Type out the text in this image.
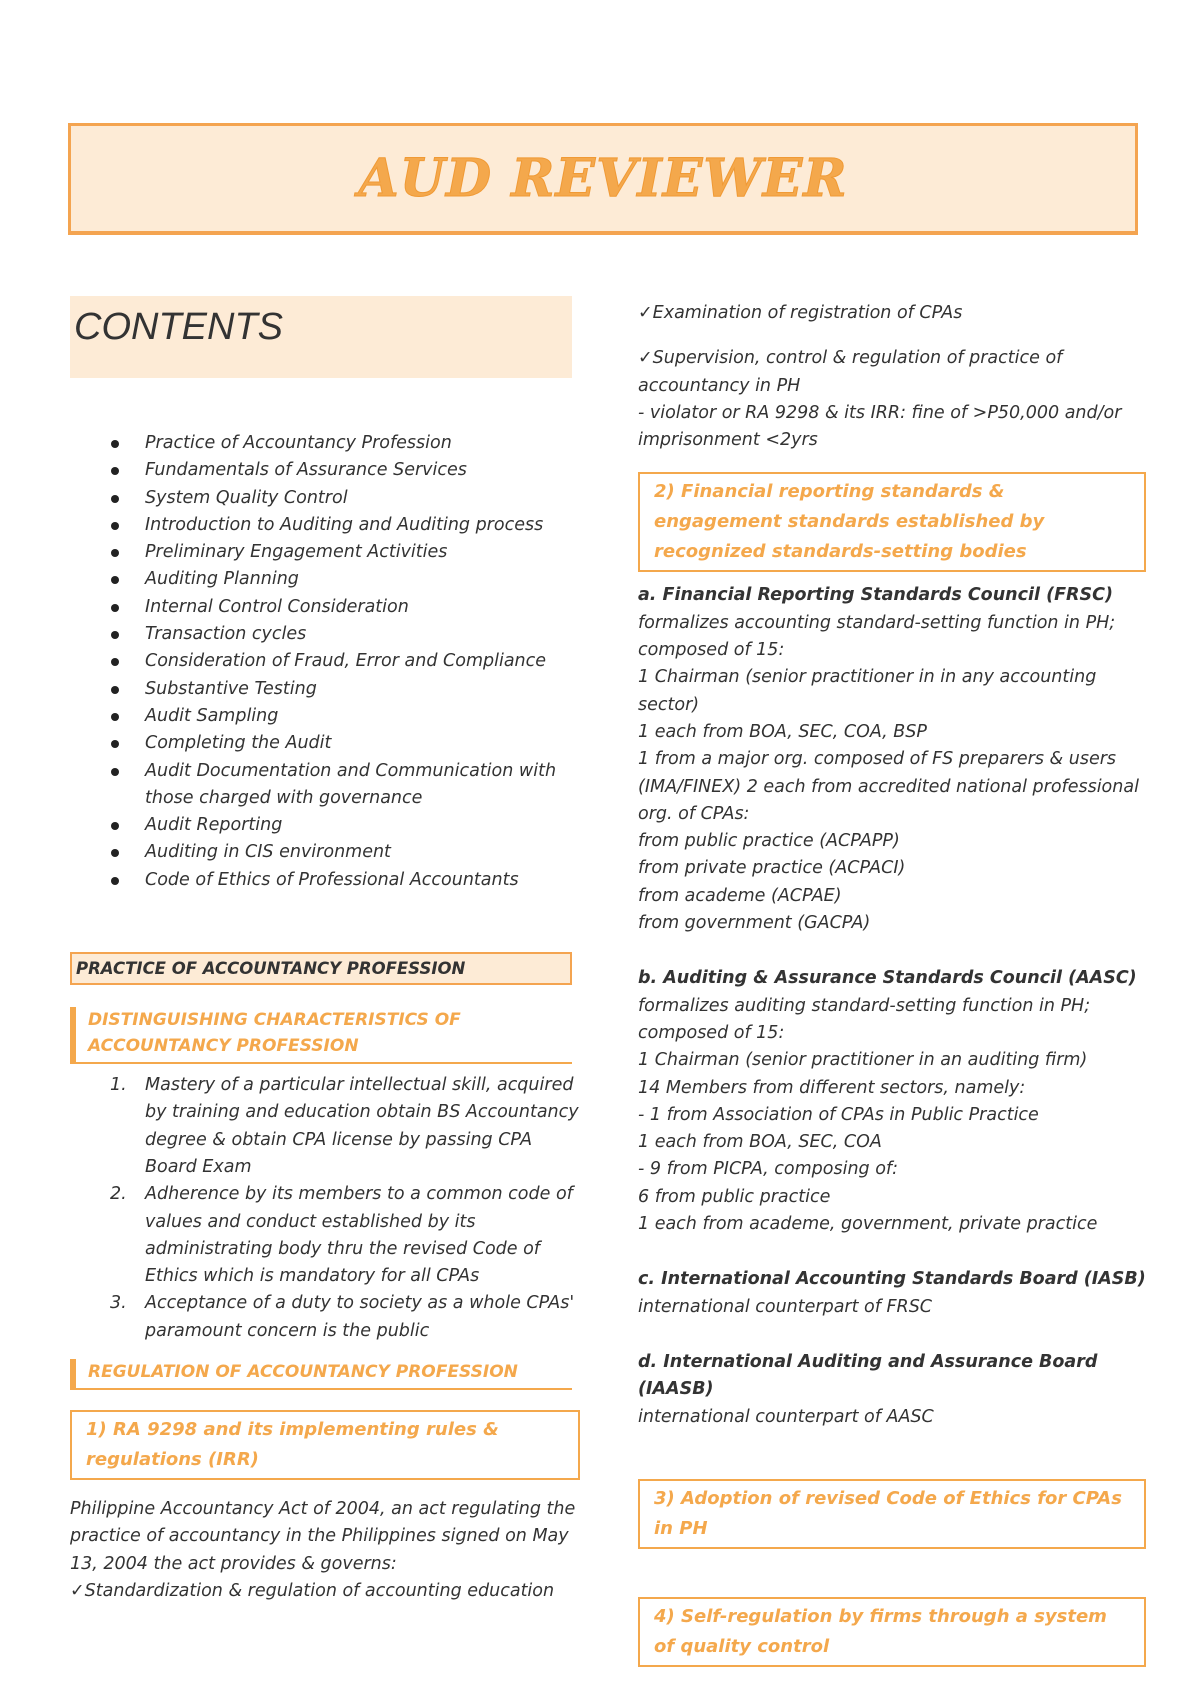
AUD REVIEWER
CONTENTS
Practice of Accountancy Profession
Fundamentals of Assurance Services
System Quality Control
Introduction to Auditing and Auditing process
Preliminary Engagement Activities
Auditing Planning
Internal Control Consideration
Transaction cycles
Consideration of Fraud, Error and Compliance
Substantive Testing
Audit Sampling
Completing the Audit
Audit Documentation and Communication with those charged with governance
Audit Reporting
Auditing in CIS environment
Code of Ethics of Professional Accountants
PRACTICE OF ACCOUNTANCY PROFESSION
DISTINGUISHING CHARACTERISTICS OF ACCOUNTANCY PROFESSION
1. Mastery of a particular intellectual skill, acquired by training and education obtain BS Accountancy degree & obtain CPA license by passing CPA Board Exam
2. Adherence by its members to a common code of values and conduct established by its administrating body thru the revised Code of Ethics which is mandatory for all CPAs
3. Acceptance of a duty to society as a whole CPAs' paramount concern is the public
REGULATION OF ACCOUNTANCY PROFESSION
1) RA 9298 and its implementing rules & regulations (IRR)
Philippine Accountancy Act of 2004, an act regulating the practice of accountancy in the Philippines signed on May 13, 2004 the act provides & governs:
✓Standardization & regulation of accounting education
✓Examination of registration of CPAs
✓Supervision, control & regulation of practice of accountancy in PH
- violator or RA 9298 & its IRR: fine of >P50,000 and/or imprisonment <2yrs
2) Financial reporting standards & engagement standards established by recognized standards-setting bodies
a. Financial Reporting Standards Council (FRSC)
formalizes accounting standard-setting function in PH; composed of 15:
1 Chairman (senior practitioner in in any accounting sector)
1 each from BOA, SEC, COA, BSP
1 from a major org. composed of FS preparers & users (IMA/FINEX) 2 each from accredited national professional org. of CPAs:
from public practice (ACPAPP)
from private practice (ACPACI)
from academe (ACPAE)
from government (GACPA)
b. Auditing & Assurance Standards Council (AASC)
formalizes auditing standard-setting function in PH; composed of 15:
1 Chairman (senior practitioner in an auditing firm)
14 Members from different sectors, namely:
- 1 from Association of CPAs in Public Practice
1 each from BOA, SEC, COA
- 9 from PICPA, composing of:
6 from public practice
1 each from academe, government, private practice
c. International Accounting Standards Board (IASB)
international counterpart of FRSC
d. International Auditing and Assurance Board (IAASB)
international counterpart of AASC
3) Adoption of revised Code of Ethics for CPAs in PH
4) Self-regulation by firms through a system of quality control
